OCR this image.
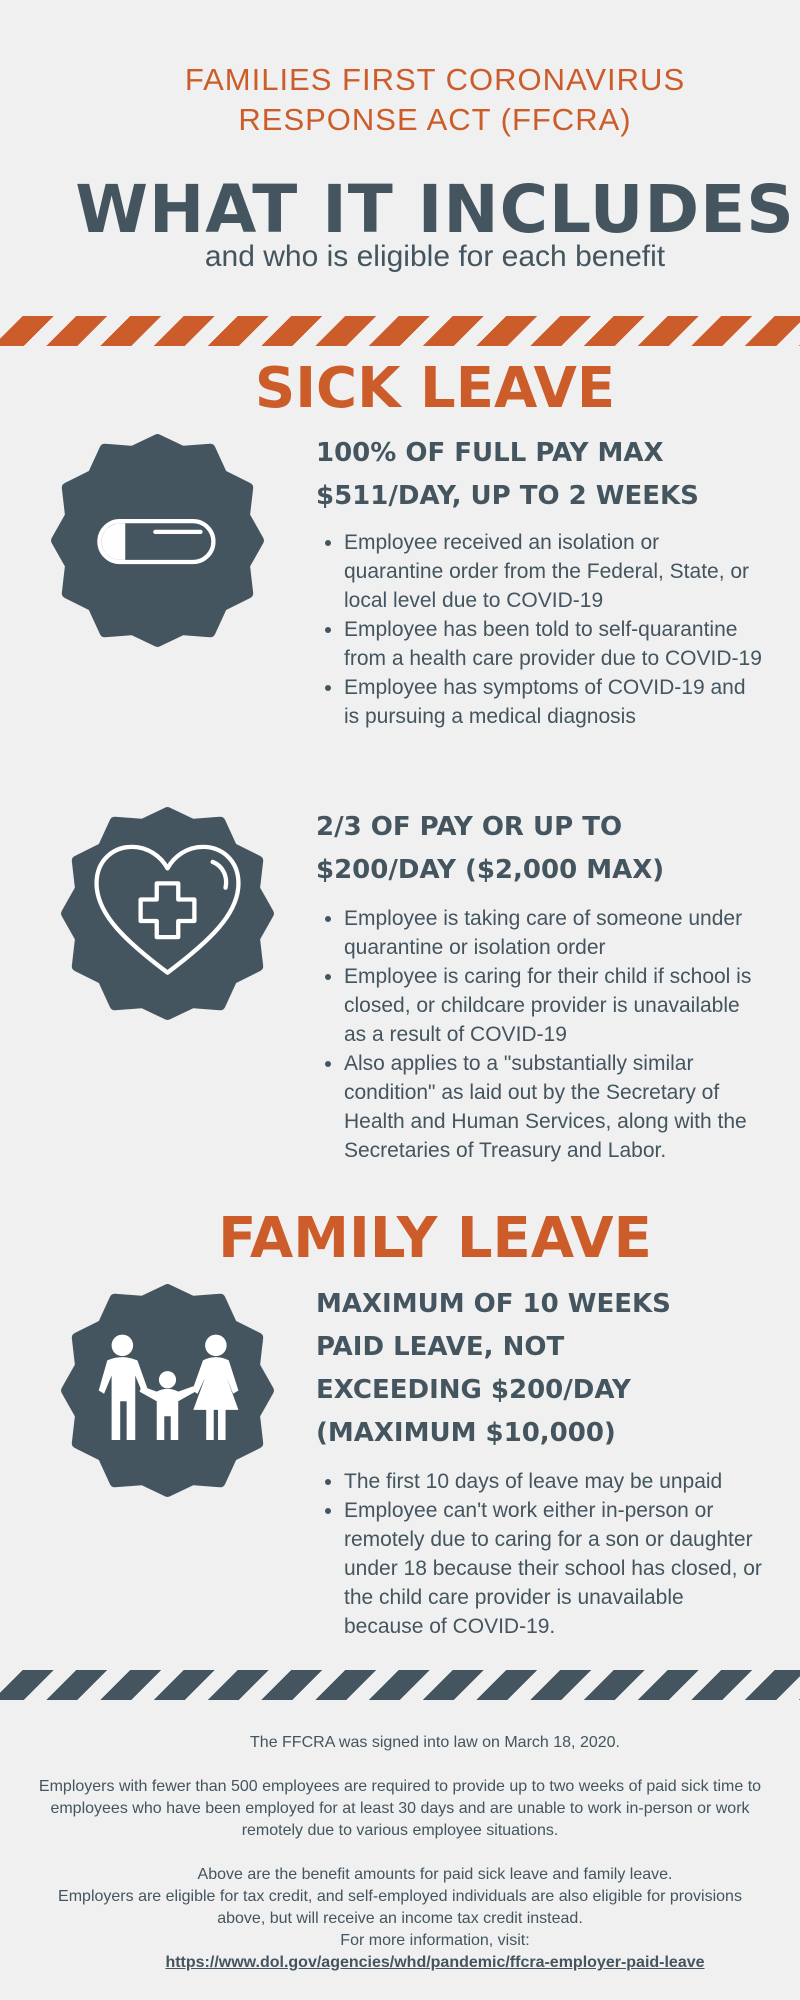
FAMILIES FIRST CORONAVIRUS
RESPONSE ACT (FFCRA)
WHAT IT INCLUDES
and who is eligible for each benefit
SICK LEAVE
100% OF FULL PAY MAX
$511/DAY, UP TO 2 WEEKS
• Employee received an isolation or quarantine order from the Federal, State, or local level due to COVID-19
• Employee has been told to self-quarantine from a health care provider due to COVID-19
• Employee has symptoms of COVID-19 and is pursuing a medical diagnosis
2/3 OF PAY OR UP TO
$200/DAY ($2,000 MAX)
• Employee is taking care of someone under quarantine or isolation order
• Employee is caring for their child if school is closed, or childcare provider is unavailable as a result of COVID-19
• Also applies to a "substantially similar condition" as laid out by the Secretary of Health and Human Services, along with the Secretaries of Treasury and Labor.
FAMILY LEAVE
MAXIMUM OF 10 WEEKS
PAID LEAVE, NOT
EXCEEDING $200/DAY
(MAXIMUM $10,000)
• The first 10 days of leave may be unpaid
• Employee can't work either in-person or remotely due to caring for a son or daughter under 18 because their school has closed, or the child care provider is unavailable because of COVID-19.
The FFCRA was signed into law on March 18, 2020.
Employers with fewer than 500 employees are required to provide up to two weeks of paid sick time to employees who have been employed for at least 30 days and are unable to work in-person or work remotely due to various employee situations.
Above are the benefit amounts for paid sick leave and family leave.
Employers are eligible for tax credit, and self-employed individuals are also eligible for provisions above, but will receive an income tax credit instead.
For more information, visit:
https://www.dol.gov/agencies/whd/pandemic/ffcra-employer-paid-leave
